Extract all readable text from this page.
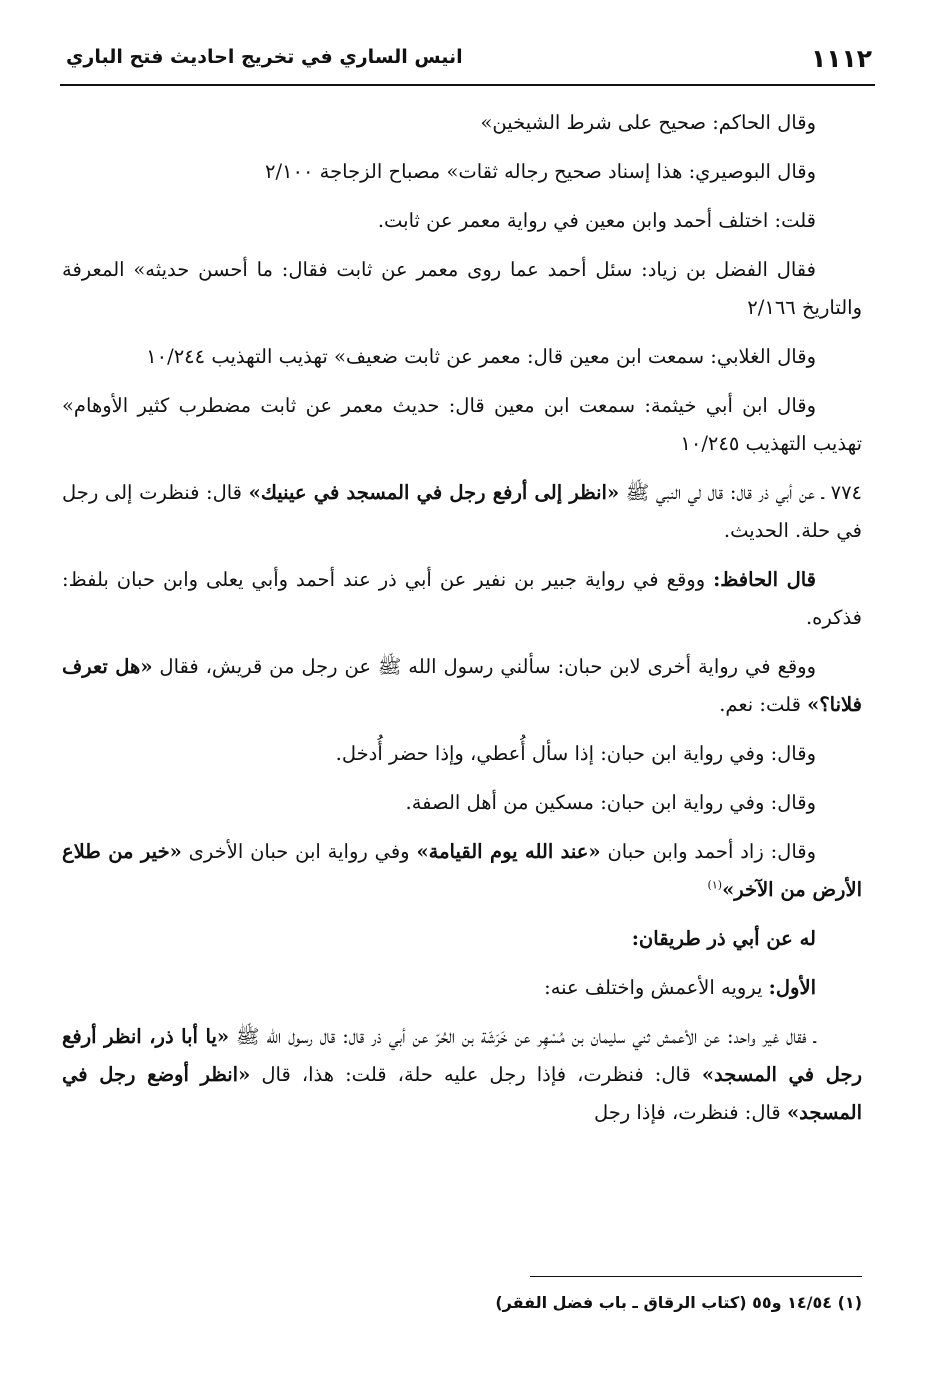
١١١٢
انيس الساري في تخريج احاديث فتح الباري

وقال الحاكم: صحيح على شرط الشيخين»

وقال البوصيري: هذا إسناد صحيح رجاله ثقات» مصباح الزجاجة ٢/١٠٠

قلت: اختلف أحمد وابن معين في رواية معمر عن ثابت.

فقال الفضل بن زياد: سئل أحمد عما روى معمر عن ثابت فقال: ما أحسن حديثه» المعرفة والتاريخ ٢/١٦٦

وقال الغلابي: سمعت ابن معين قال: معمر عن ثابت ضعيف» تهذيب التهذيب ١٠/٢٤٤

وقال ابن أبي خيثمة: سمعت ابن معين قال: حديث معمر عن ثابت مضطرب كثير الأوهام» تهذيب التهذيب ١٠/٢٤٥

٧٧٤ ـ عن أبي ذر قال: قال لي النبي ﷺ «انظر إلى أرفع رجل في المسجد في عينيك» قال: فنظرت إلى رجل في حلة. الحديث.

قال الحافظ: ووقع في رواية جبير بن نفير عن أبي ذر عند أحمد وأبي يعلى وابن حبان بلفظ: فذكره.

ووقع في رواية أخرى لابن حبان: سألني رسول الله ﷺ عن رجل من قريش، فقال «هل تعرف فلانا؟» قلت: نعم.

وقال: وفي رواية ابن حبان: إذا سأل أُعطي، وإذا حضر أُدخل.

وقال: وفي رواية ابن حبان: مسكين من أهل الصفة.

وقال: زاد أحمد وابن حبان «عند الله يوم القيامة» وفي رواية ابن حبان الأخرى «خير من طلاع الأرض من الآخر»$^{(١)}$

له عن أبي ذر طريقان:

الأول: يرويه الأعمش واختلف عنه:

ـ فقال غير واحد: عن الأعمش ثني سليمان بن مُسْهِر عن خَرَشَة بن الحُرّ عن أبي ذر قال: قال رسول الله ﷺ «يا أبا ذر، انظر أرفع رجل في المسجد» قال: فنظرت، فإذا رجل عليه حلة، قلت: هذا، قال «انظر أوضع رجل في المسجد» قال: فنظرت، فإذا رجل

(١) ١٤/٥٤ و٥٥ (كتاب الرقاق ـ باب فضل الفقر)
